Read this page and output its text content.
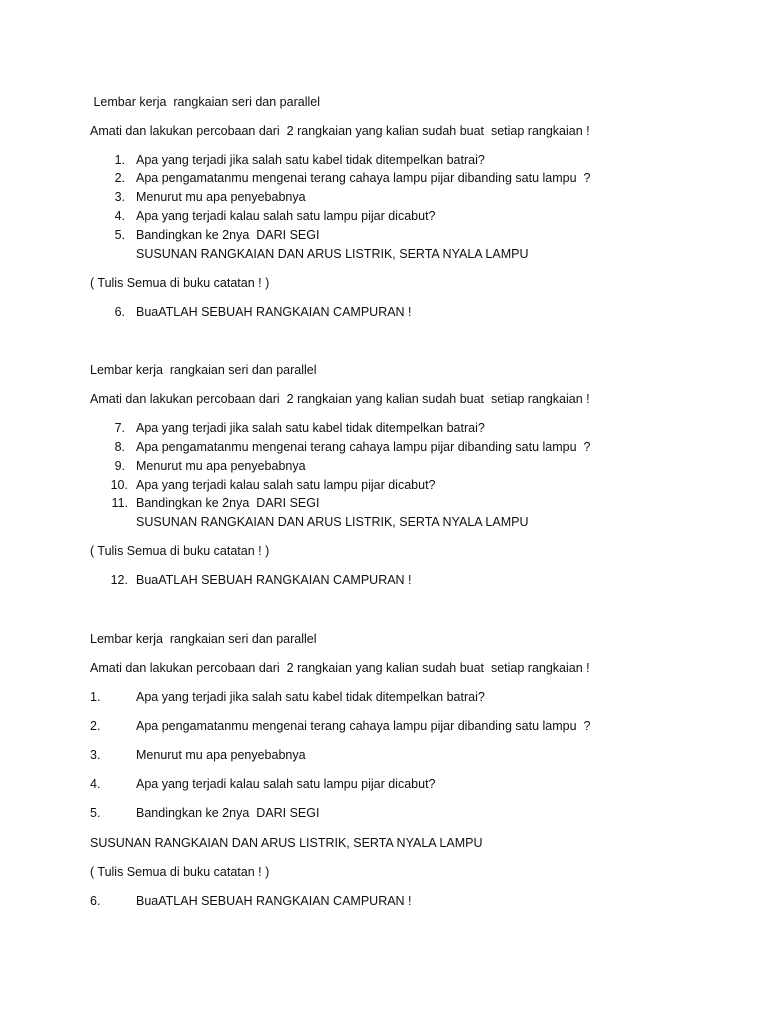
Lembar kerja  rangkaian seri dan parallel

Amati dan lakukan percobaan dari  2 rangkaian yang kalian sudah buat  setiap rangkaian !

1. Apa yang terjadi jika salah satu kabel tidak ditempelkan batrai?
2. Apa pengamatanmu mengenai terang cahaya lampu pijar dibanding satu lampu  ?
3. Menurut mu apa penyebabnya
4. Apa yang terjadi kalau salah satu lampu pijar dicabut?
5. Bandingkan ke 2nya  DARI SEGI
SUSUNAN RANGKAIAN DAN ARUS LISTRIK, SERTA NYALA LAMPU

( Tulis Semua di buku catatan ! )

6. BuaATLAH SEBUAH RANGKAIAN CAMPURAN !

Lembar kerja  rangkaian seri dan parallel

Amati dan lakukan percobaan dari  2 rangkaian yang kalian sudah buat  setiap rangkaian !

7. Apa yang terjadi jika salah satu kabel tidak ditempelkan batrai?
8. Apa pengamatanmu mengenai terang cahaya lampu pijar dibanding satu lampu  ?
9. Menurut mu apa penyebabnya
10. Apa yang terjadi kalau salah satu lampu pijar dicabut?
11. Bandingkan ke 2nya  DARI SEGI
SUSUNAN RANGKAIAN DAN ARUS LISTRIK, SERTA NYALA LAMPU

( Tulis Semua di buku catatan ! )

12. BuaATLAH SEBUAH RANGKAIAN CAMPURAN !

Lembar kerja  rangkaian seri dan parallel

Amati dan lakukan percobaan dari  2 rangkaian yang kalian sudah buat  setiap rangkaian !

1.	Apa yang terjadi jika salah satu kabel tidak ditempelkan batrai?
2.	Apa pengamatanmu mengenai terang cahaya lampu pijar dibanding satu lampu  ?
3.	Menurut mu apa penyebabnya
4.	Apa yang terjadi kalau salah satu lampu pijar dicabut?
5.	Bandingkan ke 2nya  DARI SEGI

SUSUNAN RANGKAIAN DAN ARUS LISTRIK, SERTA NYALA LAMPU

( Tulis Semua di buku catatan ! )

6.	BuaATLAH SEBUAH RANGKAIAN CAMPURAN !
